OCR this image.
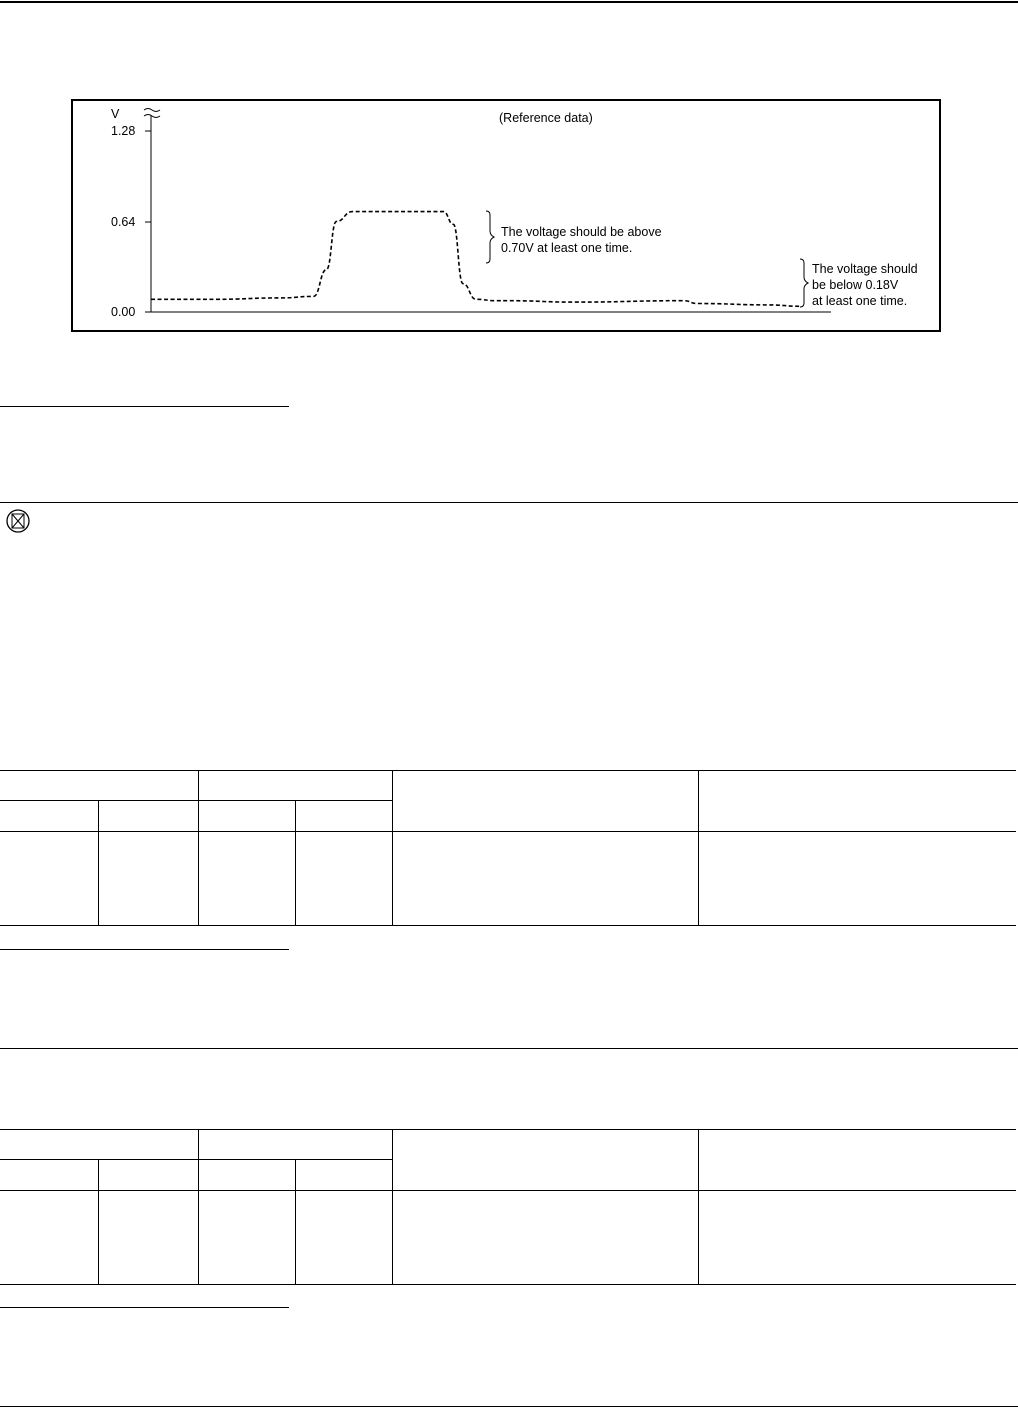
V
1.28
0.64
0.00
(Reference data)
The voltage should be above
0.70V at least one time.
The voltage should
be below 0.18V
at least one time.
